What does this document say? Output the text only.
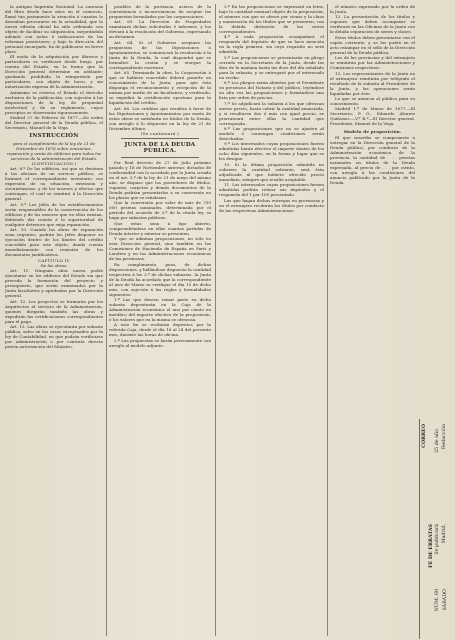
la antigua Imprenta Nacional. La carencia del libro desde hace años en el comercio, llamó tan justamente la atención á cuantos lo deseaban procurarse en la actualidad, que la nueva edición oficial ha sido ordenada con objeto de facilitar su adquisición, mejorándola además con notas é indicaciones de las reformas posteriores; y bajo la dirección del personal encargado, ha de publicarse en breve plazo.

El modo de la adquisición por libreros y particulares se verificará desde luego, por cuenta del Estado, en la forma que la Dirección general determine en adelante; quedando prohibida la reimpresión por particulares, con objeto de lucro, y sin autorización expresa de la Administración.

Asimismo se reserva el Estado el derecho exclusivo de la publicación, con sujeción á las disposiciones de la ley de propiedad intelectual y de su reglamento, cuyos preceptos se observarán rigurosamente.

Madrid 27 de Febrero de 1877.—De orden del Director general de la Deuda pública, el Secretario, Manuel de la Vega.

INSTRUCCIÓN

para el cumplimiento de la ley de 21 de Diciembre de 1876 sobre emisiones, reparación y venta de edificios para todos los servicios de la administración del Estado.

(CONTINUACIÓN.)

Art. 8.º De los edificios, así que se destinen á las oficinas de un servicio público, se formará el correspondiente inventario con expresión de su situación, extensión y circunstancias, y de los enseres y efectos que contengan, el cual se remitirá á la Dirección general.

Art. 9.º Los Jefes de los establecimientos serán responsables de la conservación de los edificios y de los enseres que en ellos existan, debiendo dar cuenta á la superioridad de cualquier deterioro que exija reparación.

Art. 10. Cuando las obras de reparación sean urgentes, podrán los Jefes disponer su ejecución dentro de los límites del crédito concedido para este objeto, dando cuenta inmediatamente con remisión de los documentos justificativos.

CAPÍTULO IV

De las obras.

Art. 11. Ninguna obra nueva podrá ejecutarse en los edificios del Estado sin que preceda la formación del proyecto y presupuesto, que serán examinados por la Junta facultativa y aprobados por la Dirección general.

Art. 12. Los proyectos se formarán por los Arquitectos al servicio de la Administración, quienes dirigirán también las obras y expedirán las certificaciones correspondientes para el pago.

Art. 13. Las obras se ejecutarán por subasta pública, salvo en los casos exceptuados por la ley de Contabilidad, en que podrán verificarse por administración o por contrata directa previa autorización del Ministro.

posibles de la provincia, acerca de la conveniencia ó inconveniencia de aceptar las propuestas formuladas por las corporaciones.

Art. 63. La Dirección de Propiedades examinará dichas solicitudes é informes, y los elevará á la resolución del Gobierno, expresando su dictamen.

Art. 64. Si el Gobierno aceptase las propuestas de las Diputaciones ó Ayuntamientos, se comunicará la resolución á la Junta de la Deuda, la cual dispondrá que se formalice la cesión y se otorgue la correspondiente escritura.

Art. 65. Terminada la obra, la Corporación á que se hubiera concedido deberá ponerlo en conocimiento de la Junta, para que ésta disponga el reconocimiento y recepción de la misma por medio de un facultativo; y verificado, se expedirá la certificación oportuna para la liquidación del crédito.

Art. 66. Los créditos que resulten á favor de las Diputaciones y Ayuntamientos por razón de estas obras se satisfarán en títulos de la Deuda, con arreglo á lo dispuesto en la ley de 21 de Diciembre último.

(Se continuará.)

JUNTA DE LA DEUDA PÚBLICA.

Por Real decreto de 27 de Julio próximo pasado y 16 de Noviembre anterior, dictados de conformidad con lo acordado por la Junta creada en el art. 3.º de la ley de 21 de mayo del mismo año, se dispuso que los poseedores de títulos, cupones, carpetas y demás documentos de la Deuda podrían presentarlos a su conversión en los plazos que se señalasen.

Que la conversión por valor de más de 750 000 pesetas nominales, determinada por el período del acuerdo de 3.º de la citada ley, se haga por subastas públicas.

Que estas sean á tipo abierto, comprendiéndose en ellas cuantas partidas de Deuda interior y exterior se presenten.

Y que se admitan proposiciones, no sólo en esta Dirección general, sino también en las Comisiones de Hacienda de España en París y Londres y en las Administraciones económicas de las provincias.

En cumplimiento, pues, de dichas disposiciones, y hallándose dispuesta la cantidad respectiva á los 3.º de dichas subastas, la Junta de la Deuda ha acordado que la correspondiente al mes de Marzo se verifique el día 15 de dicho mes, con sujeción á las reglas y formalidades siguientes:

1.ª Las que deseen tomar parte en dicha subasta depositarán en la Caja de la Administración económica el uno por ciento en metálico del importe efectivo de la proposición, ó los valores que en la misma se ofrezcan.

A este fin se recibirán depósitos por la referida Caja, desde el día 16 al 24 del presente mes, durante las horas de oficina.

2.ª Las propuestas se harán precisamente con arreglo al modelo adjunto.

3.ª En las proposiciones se expresará en letra, bajo la cantidad nominal objeto de la proposición, el número con que se ofrece por ciento y la clase y numeración de los títulos que se presenten, con la debida distinción de las series correspondientes.

4.ª A cada proposición acompañará el resguardo del depósito de que se hace mención en la regla primera, sin cuyo requisito no será admitida.

5.ª Las proposiciones se presentarán en pliego cerrado en la Secretaría de la Junta, desde las diez de la mañana hasta las doce del día señalado para la subasta, y se entregará por el interesado un recibo.

6.ª Los pliegos serán abiertos por el Presidente en presencia del Notario y del público, leyéndose en alta voz las proposiciones y formándose una lista por orden de precios.

7.ª Se adjudicará la subasta á los que ofrezcan menor precio, hasta cubrir la cantidad anunciada, y si resultaren dos ó más con igual precio, se prorrateará entre ellas la cantidad que corresponda.

8.ª Las proposiciones que no se ajusten al modelo ó contengan condiciones serán desechadas.

9.ª Los interesados cuyas proposiciones fueren admitidas harán efectivo el importe dentro de los ocho días siguientes, en la forma y lugar que se les designe.

10. Si la última proposición admitida no cubriese la cantidad sobrante, será ésta adjudicada al que hubiere ofrecido precio inmediato, siempre que resulte aceptable.

11. Los interesados cuyas proposiciones fuesen admitidas podrán retirar sus depósitos y el resguardo del 1 por 100 presentado.

Las que hagan dichas entregas en provincias y en el extranjero recibirán los títulos por conducto de las respectivas Administraciones.

el número expresado por la orden de la Junta.

12. La presentación de los títulos y cupones que deben acompañar se verificará en las Oficinas de la Junta con la debida separación de series y clases.

Estos títulos deben presentarse con el cupón corriente, y se les podrá en el acto estampar en el sello de la Dirección general de la Deuda pública.

Los de las provincias y del extranjero se remitirán por las Administraciones y Comisiones respectivas.

13. Los representantes de la Junta en el extranjero remitirán por telégrafo el resultado de la subasta al Presidente de la Junta, y las operaciones serán liquidadas por éste.

Lo que se anuncia al público para su conocimiento.

Madrid 1.º de Marzo de 1877.—El Secretario, P. O., Eduardo Alvarez Quiñones.—V.º B.º—El Director general, Presidente, Manuel de la Vega.

Modelo de proposición.

El que suscribe se compromete á entregar en la Dirección general de la Deuda pública, por conducto de la Administración económica de la provincia, la cantidad de . . . pesetas nominales en títulos de la Deuda expresada, al precio de . . . por ciento, con arreglo á las condiciones del anuncio publicado por la Junta de la Deuda.

CORREO
FE DE ERRATAS
25 de año
Se publicará
Redacción
Madrid,
NÚM. 60 SÁBADO
